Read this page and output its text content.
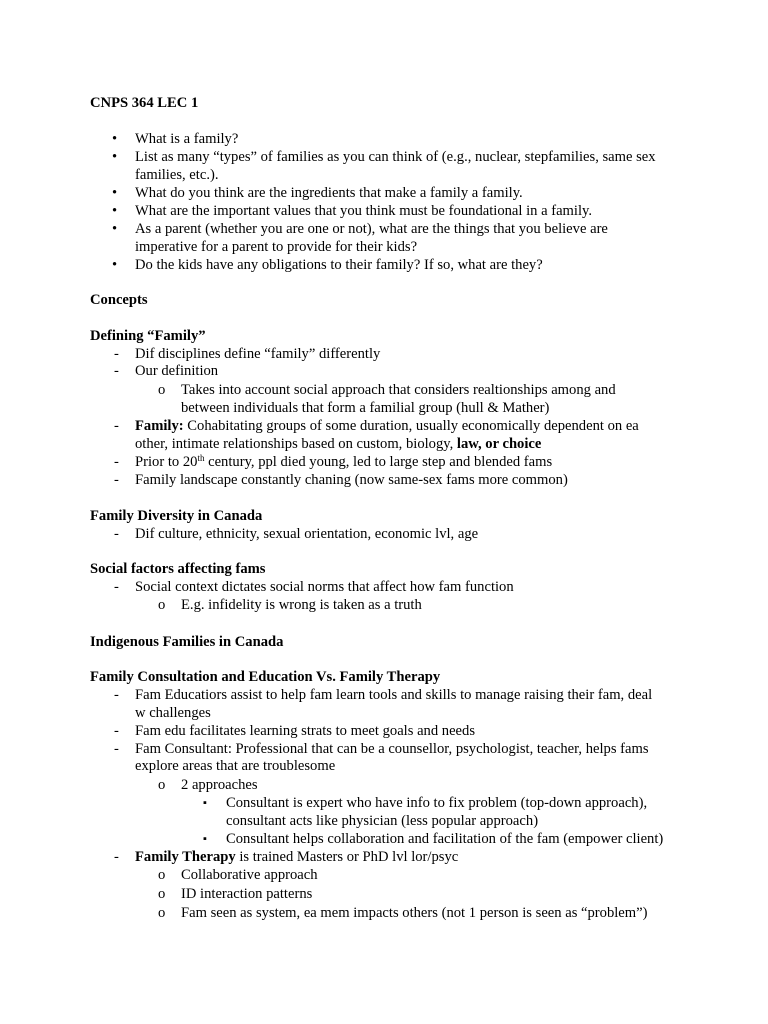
CNPS 364 LEC 1
• What is a family?
• List as many “types” of families as you can think of (e.g., nuclear, stepfamilies, same sex
families, etc.).
• What do you think are the ingredients that make a family a family.
• What are the important values that you think must be foundational in a family.
• As a parent (whether you are one or not), what are the things that you believe are
imperative for a parent to provide for their kids?
• Do the kids have any obligations to their family? If so, what are they?
Concepts
Defining “Family”
- Dif disciplines define “family” differently
- Our definition
o Takes into account social approach that considers realtionships among and
between individuals that form a familial group (hull & Mather)
- Family: Cohabitating groups of some duration, usually economically dependent on ea
other, intimate relationships based on custom, biology, law, or choice
- Prior to 20th century, ppl died young, led to large step and blended fams
- Family landscape constantly chaning (now same-sex fams more common)
Family Diversity in Canada
- Dif culture, ethnicity, sexual orientation, economic lvl, age
Social factors affecting fams
- Social context dictates social norms that affect how fam function
o E.g. infidelity is wrong is taken as a truth
Indigenous Families in Canada
Family Consultation and Education Vs. Family Therapy
- Fam Educatiors assist to help fam learn tools and skills to manage raising their fam, deal
w challenges
- Fam edu facilitates learning strats to meet goals and needs
- Fam Consultant: Professional that can be a counsellor, psychologist, teacher, helps fams
explore areas that are troublesome
o 2 approaches
▪ Consultant is expert who have info to fix problem (top-down approach),
consultant acts like physician (less popular approach)
▪ Consultant helps collaboration and facilitation of the fam (empower client)
- Family Therapy is trained Masters or PhD lvl lor/psyc
o Collaborative approach
o ID interaction patterns
o Fam seen as system, ea mem impacts others (not 1 person is seen as “problem”)
